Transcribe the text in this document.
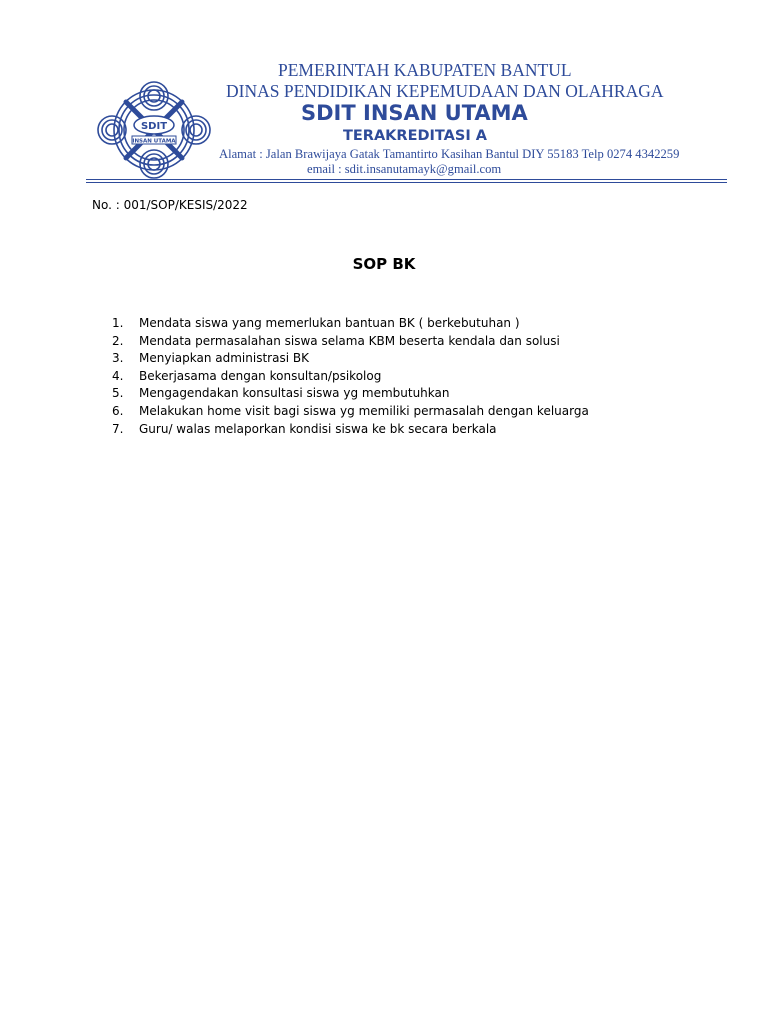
SDIT
INSAN UTAMA
PEMERINTAH KABUPATEN BANTUL
DINAS PENDIDIKAN KEPEMUDAAN DAN OLAHRAGA
SDIT INSAN UTAMA
TERAKREDITASI A
Alamat : Jalan Brawijaya Gatak Tamantirto Kasihan Bantul DIY 55183 Telp 0274 4342259
email : sdit.insanutamayk@gmail.com
No. : 001/SOP/KESIS/2022
SOP BK
1. Mendata siswa yang memerlukan bantuan BK ( berkebutuhan )
2. Mendata permasalahan siswa selama KBM beserta kendala dan solusi
3. Menyiapkan administrasi BK
4. Bekerjasama dengan konsultan/psikolog
5. Mengagendakan konsultasi siswa yg membutuhkan
6. Melakukan home visit bagi siswa yg memiliki permasalah dengan keluarga
7. Guru/ walas melaporkan kondisi siswa ke bk secara berkala
